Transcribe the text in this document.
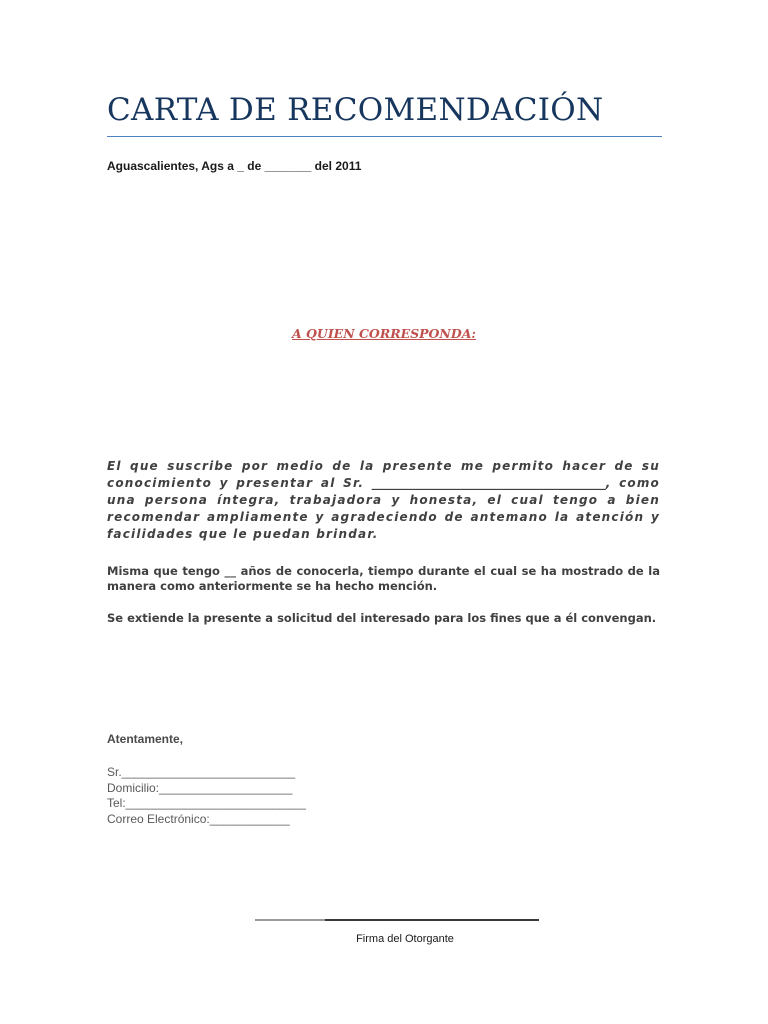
CARTA DE RECOMENDACIÓN
Aguascalientes, Ags a _ de _______ del 2011
A QUIEN CORRESPONDA:

El que suscribe por medio de la presente me permito hacer de su conocimiento y presentar al Sr. _______________________________________, como una persona íntegra, trabajadora y honesta, el cual tengo a bien recomendar ampliamente y agradeciendo de antemano la atención y facilidades que le puedan brindar.

Misma que tengo __ años de conocerla, tiempo durante el cual se ha mostrado de la manera como anteriormente se ha hecho mención.

Se extiende la presente a solicitud del interesado para los fines que a él convengan.

Atentamente,
Sr.__________________________
Domicilio:____________________
Tel:___________________________
Correo Electrónico:____________
Firma del Otorgante
